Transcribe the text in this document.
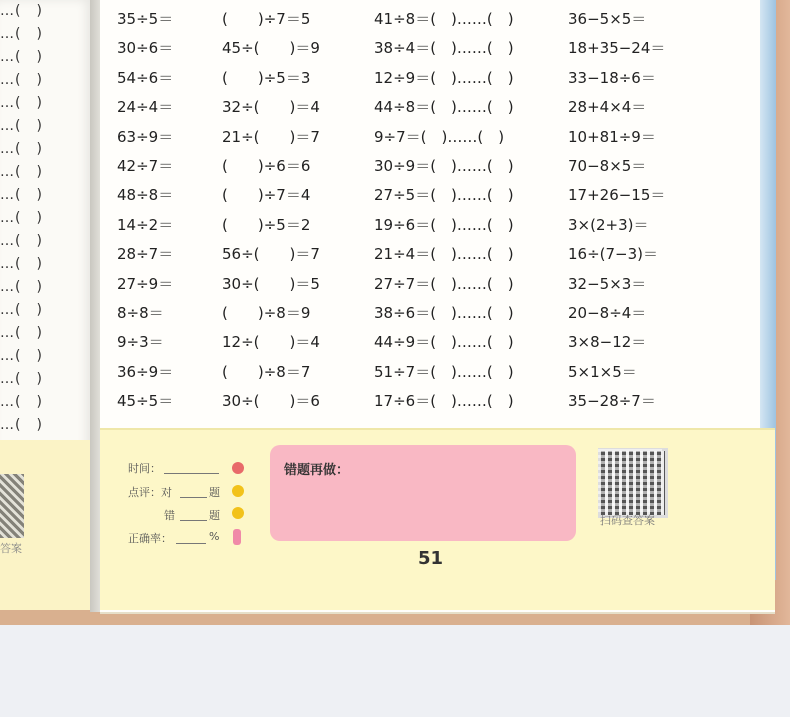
…(　)
…(　)
…(　)
…(　)
…(　)
…(　)
…(　)
…(　)
…(　)
…(　)
…(　)
…(　)
…(　)
…(　)
…(　)
…(　)
…(　)
…(　)
…(　)
答案
35÷5＝	(　　)÷7＝5	41÷8＝(　)……(　)	36−5×5＝
30÷6＝	45÷(　　)＝9	38÷4＝(　)……(　)	18+35−24＝
54÷6＝	(　　)÷5＝3	12÷9＝(　)……(　)	33−18÷6＝
24÷4＝	32÷(　　)＝4	44÷8＝(　)……(　)	28+4×4＝
63÷9＝	21÷(　　)＝7	9÷7＝(　)……(　)	10+81÷9＝
42÷7＝	(　　)÷6＝6	30÷9＝(　)……(　)	70−8×5＝
48÷8＝	(　　)÷7＝4	27÷5＝(　)……(　)	17+26−15＝
14÷2＝	(　　)÷5＝2	19÷6＝(　)……(　)	3×(2+3)＝
28÷7＝	56÷(　　)＝7	21÷4＝(　)……(　)	16÷(7−3)＝
27÷9＝	30÷(　　)＝5	27÷7＝(　)……(　)	32−5×3＝
8÷8＝	(　　)÷8＝9	38÷6＝(　)……(　)	20−8÷4＝
9÷3＝	12÷(　　)＝4	44÷9＝(　)……(　)	3×8−12＝
36÷9＝	(　　)÷8＝7	51÷7＝(　)……(　)	5×1×5＝
45÷5＝	30÷(　　)＝6	17÷6＝(　)……(　)	35−28÷7＝
时间：
点评：对	题
错	题
正确率：	%
错题再做：
扫码查答案
51
